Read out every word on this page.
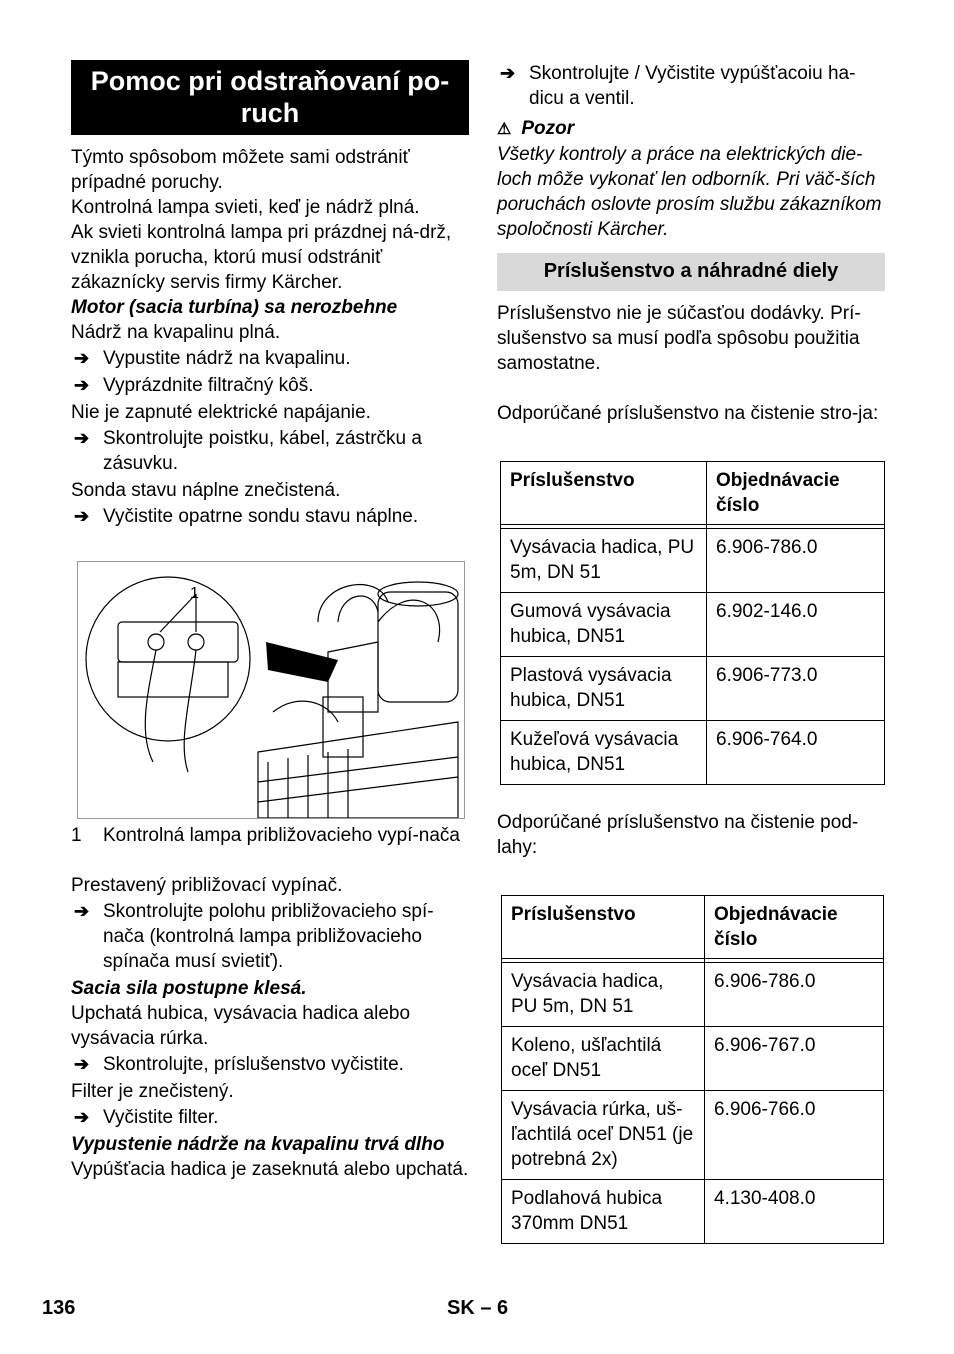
Pomoc pri odstraňovaní po-ruch

Týmto spôsobom môžete sami odstrániť prípadné poruchy.

Kontrolná lampa svieti, keď je nádrž plná.

Ak svieti kontrolná lampa pri prázdnej ná-drž, vznikla porucha, ktorú musí odstrániť zákaznícky servis firmy Kärcher.

Motor (sacia turbína) sa nerozbehne

Nádrž na kvapalinu plná.

➔ Vypustite nádrž na kvapalinu.
➔ Vyprázdnite filtračný kôš.

Nie je zapnuté elektrické napájanie.

➔ Skontrolujte poistku, kábel, zástrčku a zásuvku.

Sonda stavu náplne znečistená.

➔ Vyčistite opatrne sondu stavu náplne.
1
1 Kontrolná lampa približovacieho vypí-nača

Prestavený približovací vypínač.

➔ Skontrolujte polohu približovacieho spí-nača (kontrolná lampa približovacieho spínača musí svietiť).

Sacia sila postupne klesá.

Upchatá hubica, vysávacia hadica alebo vysávacia rúrka.

➔ Skontrolujte, príslušenstvo vyčistite.

Filter je znečistený.

➔ Vyčistite filter.

Vypustenie nádrže na kvapalinu trvá dlho

Vypúšťacia hadica je zaseknutá alebo upchatá.

➔ Skontrolujte / Vyčistite vypúšťacoiu ha-dicu a ventil.
⚠ Pozor

Všetky kontroly a práce na elektrických die-loch môže vykonať len odborník. Pri väč-ších poruchách oslovte prosím službu zákazníkom spoločnosti Kärcher.

Príslušenstvo a náhradné diely

Príslušenstvo nie je súčasťou dodávky. Prí-slušenstvo sa musí podľa spôsobu použitia samostatne.

Odporúčané príslušenstvo na čistenie stro-ja:

Príslušenstvo	Objednávacie číslo

Vysávacia hadica, PU 5m, DN 51	6.906-786.0
Gumová vysávacia hubica, DN51	6.902-146.0
Plastová vysávacia hubica, DN51	6.906-773.0
Kužeľová vysávacia hubica, DN51	6.906-764.0

Odporúčané príslušenstvo na čistenie pod-lahy:

Príslušenstvo	Objednávacie číslo

Vysávacia hadica, PU 5m, DN 51	6.906-786.0
Koleno, ušľachtilá oceľ DN51	6.906-767.0
Vysávacia rúrka, uš-ľachtilá oceľ DN51 (je potrebná 2x)	6.906-766.0
Podlahová hubica 370mm DN51	4.130-408.0
136	SK – 6
